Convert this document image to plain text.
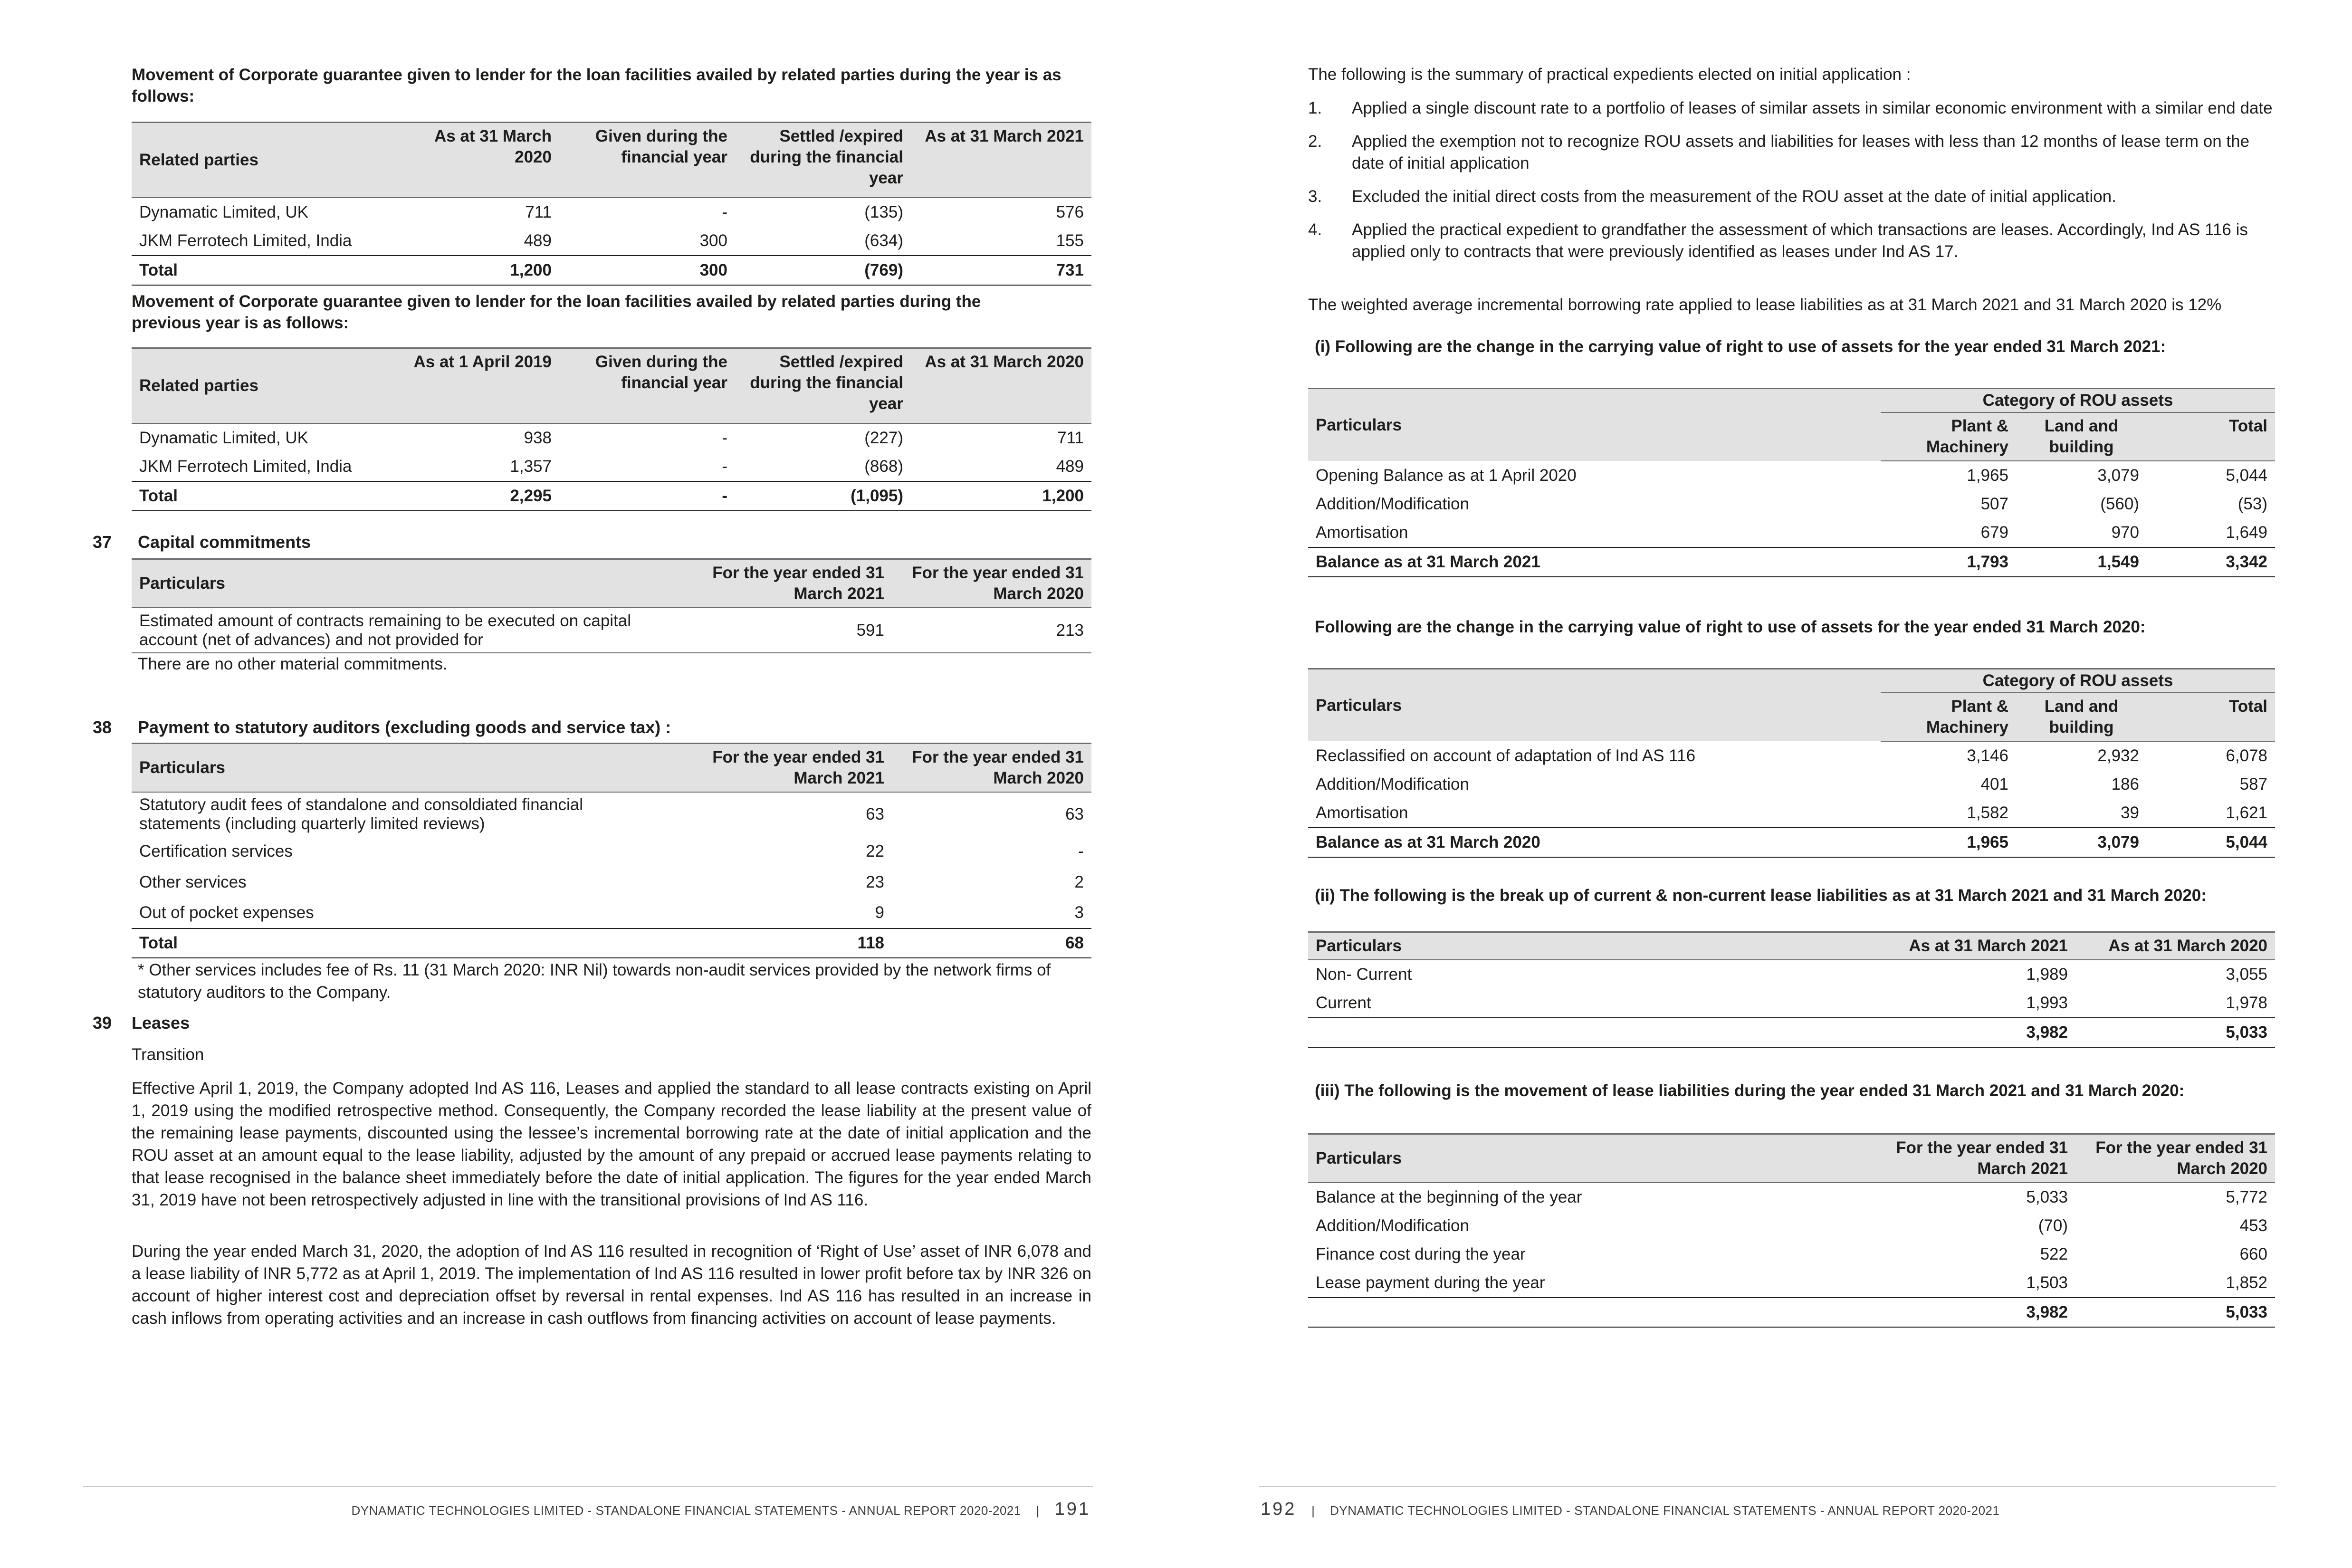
Movement of Corporate guarantee given to lender for the loan facilities availed by related parties during the year is as follows:
Related parties	As at 31 March 2020	Given during the financial year	Settled /expired during the financial year	As at 31 March 2021
Dynamatic Limited, UK	711	-	(135)	576
JKM Ferrotech Limited, India	489	300	(634)	155
Total	1,200	300	(769)	731
Movement of Corporate guarantee given to lender for the loan facilities availed by related parties during the previous year is as follows:
Related parties	As at 1 April 2019	Given during the financial year	Settled /expired during the financial year	As at 31 March 2020
Dynamatic Limited, UK	938	-	(227)	711
JKM Ferrotech Limited, India	1,357	-	(868)	489
Total	2,295	-	(1,095)	1,200
37 Capital commitments
Particulars	For the year ended 31 March 2021	For the year ended 31 March 2020
Estimated amount of contracts remaining to be executed on capital account (net of advances) and not provided for	591	213
There are no other material commitments.
38 Payment to statutory auditors (excluding goods and service tax) :
Particulars	For the year ended 31 March 2021	For the year ended 31 March 2020
Statutory audit fees of standalone and consoldiated financial statements (including quarterly limited reviews)	63	63
Certification services	22	-
Other services	23	2
Out of pocket expenses	9	3
Total	118	68
* Other services includes fee of Rs. 11 (31 March 2020: INR Nil) towards non-audit services provided by the network firms of statutory auditors to the Company.
39 Leases
Transition
Effective April 1, 2019, the Company adopted Ind AS 116, Leases and applied the standard to all lease contracts existing on April 1, 2019 using the modified retrospective method. Consequently, the Company recorded the lease liability at the present value of the remaining lease payments, discounted using the lessee’s incremental borrowing rate at the date of initial application and the ROU asset at an amount equal to the lease liability, adjusted by the amount of any prepaid or accrued lease payments relating to that lease recognised in the balance sheet immediately before the date of initial application. The figures for the year ended March 31, 2019 have not been retrospectively adjusted in line with the transitional provisions of Ind AS 116.
During the year ended March 31, 2020, the adoption of Ind AS 116 resulted in recognition of ‘Right of Use’ asset of INR 6,078 and a lease liability of INR 5,772 as at April 1, 2019. The implementation of Ind AS 116 resulted in lower profit before tax by INR 326 on account of higher interest cost and depreciation offset by reversal in rental expenses. Ind AS 116 has resulted in an increase in cash inflows from operating activities and an increase in cash outflows from financing activities on account of lease payments.
DYNAMATIC TECHNOLOGIES LIMITED - STANDALONE FINANCIAL STATEMENTS - ANNUAL REPORT 2020-2021 | 191
The following is the summary of practical expedients elected on initial application :
1. Applied a single discount rate to a portfolio of leases of similar assets in similar economic environment with a similar end date
2. Applied the exemption not to recognize ROU assets and liabilities for leases with less than 12 months of lease term on the date of initial application
3. Excluded the initial direct costs from the measurement of the ROU asset at the date of initial application.
4. Applied the practical expedient to grandfather the assessment of which transactions are leases. Accordingly, Ind AS 116 is applied only to contracts that were previously identified as leases under Ind AS 17.
The weighted average incremental borrowing rate applied to lease liabilities as at 31 March 2021 and 31 March 2020 is 12%
(i) Following are the change in the carrying value of right to use of assets for the year ended 31 March 2021:
Particulars	Category of ROU assets		
	Plant & Machinery	Land and building	Total
Opening Balance as at 1 April 2020	1,965	3,079	5,044
Addition/Modification	507	(560)	(53)
Amortisation	679	970	1,649
Balance as at 31 March 2021	1,793	1,549	3,342
Following are the change in the carrying value of right to use of assets for the year ended 31 March 2020:
Particulars	Category of ROU assets		
	Plant & Machinery	Land and building	Total
Reclassified on account of adaptation of Ind AS 116	3,146	2,932	6,078
Addition/Modification	401	186	587
Amortisation	1,582	39	1,621
Balance as at 31 March 2020	1,965	3,079	5,044
(ii) The following is the break up of current & non-current lease liabilities as at 31 March 2021 and 31 March 2020:
Particulars	As at 31 March 2021	As at 31 March 2020
Non- Current	1,989	3,055
Current	1,993	1,978
	3,982	5,033
(iii) The following is the movement of lease liabilities during the year ended 31 March 2021 and 31 March 2020:
Particulars	For the year ended 31 March 2021	For the year ended 31 March 2020
Balance at the beginning of the year	5,033	5,772
Addition/Modification	(70)	453
Finance cost during the year	522	660
Lease payment during the year	1,503	1,852
	3,982	5,033
192 | DYNAMATIC TECHNOLOGIES LIMITED - STANDALONE FINANCIAL STATEMENTS - ANNUAL REPORT 2020-2021
